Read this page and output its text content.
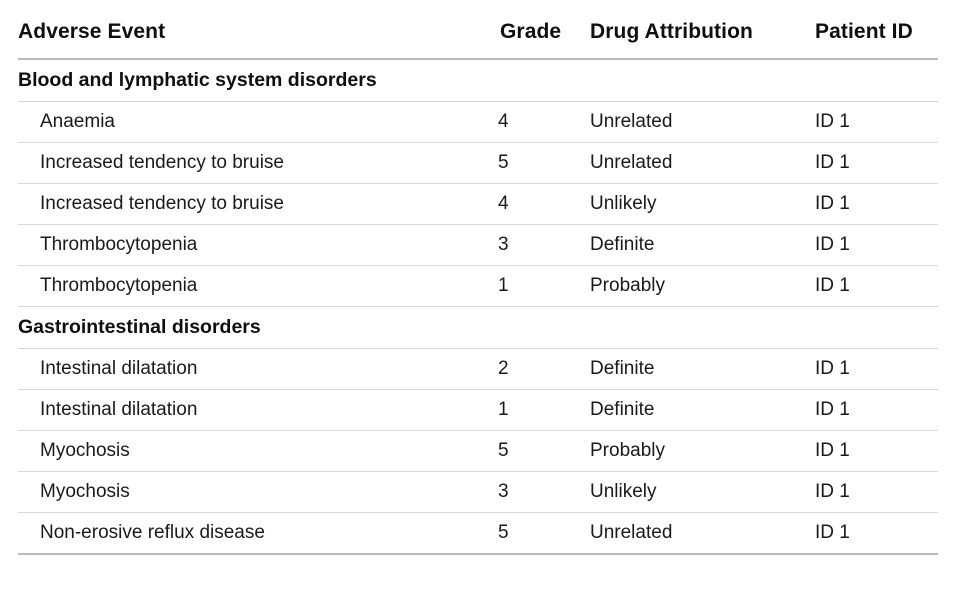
Adverse Event	Grade	Drug Attribution	Patient ID
Blood and lymphatic system disorders			
Anaemia	4	Unrelated	ID 1
Increased tendency to bruise	5	Unrelated	ID 1
Increased tendency to bruise	4	Unlikely	ID 1
Thrombocytopenia	3	Definite	ID 1
Thrombocytopenia	1	Probably	ID 1
Gastrointestinal disorders			
Intestinal dilatation	2	Definite	ID 1
Intestinal dilatation	1	Definite	ID 1
Myochosis	5	Probably	ID 1
Myochosis	3	Unlikely	ID 1
Non-erosive reflux disease	5	Unrelated	ID 1
